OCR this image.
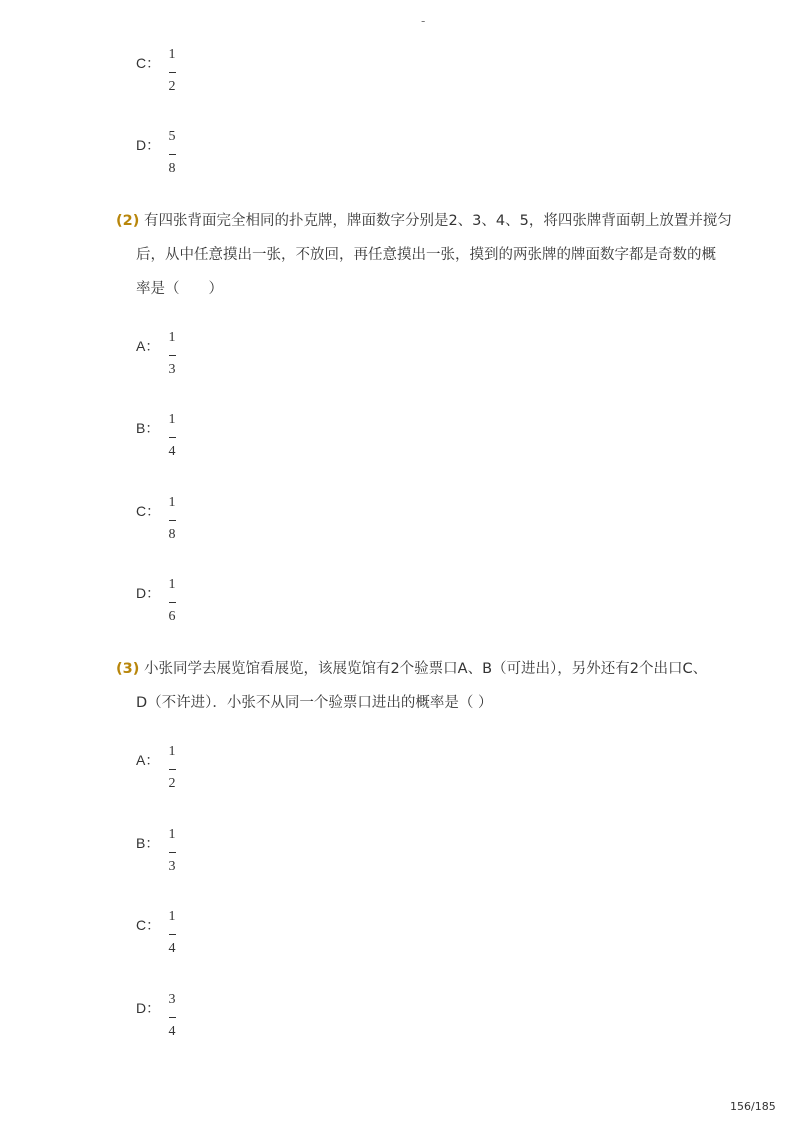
-
C：
1
2
D：
5
8
(2) 有四张背面完全相同的扑克牌，牌面数字分别是2、3、4、5，将四张牌背面朝上放置并搅匀
后，从中任意摸出一张，不放回，再任意摸出一张，摸到的两张牌的牌面数字都是奇数的概
率是（　　）
A：
1
3
B：
1
4
C：
1
8
D：
1
6
(3) 小张同学去展览馆看展览，该展览馆有2个验票口A、B（可进出），另外还有2个出口C、
D（不许进）．小张不从同一个验票口进出的概率是（ ）
A：
1
2
B：
1
3
C：
1
4
D：
3
4
156/185
